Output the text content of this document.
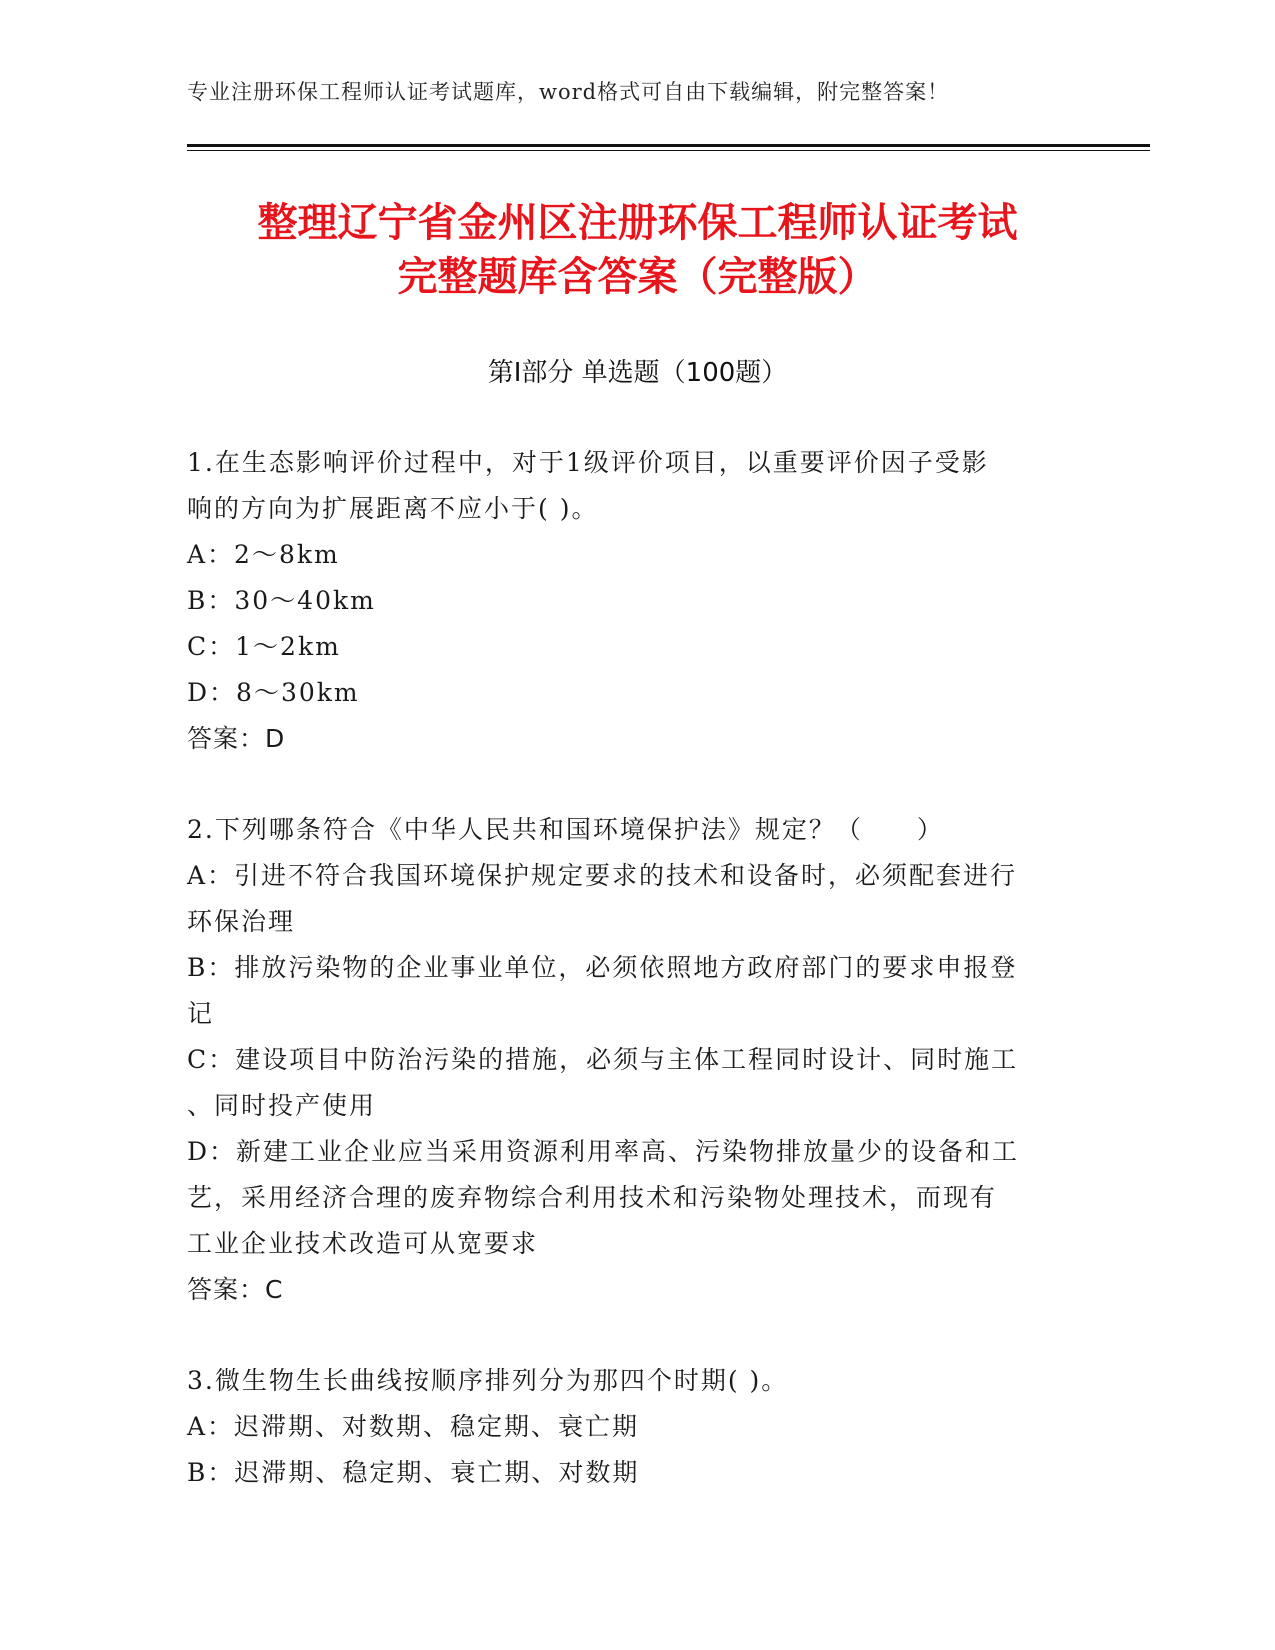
专业注册环保工程师认证考试题库，word格式可自由下载编辑，附完整答案！
整理辽宁省金州区注册环保工程师认证考试
完整题库含答案（完整版）
第Ⅰ部分 单选题（100题）
1.在生态影响评价过程中，对于1级评价项目，以重要评价因子受影
响的方向为扩展距离不应小于( )。
A：2～8km
B：30～40km
C：1～2km
D：8～30km
答案：D
2.下列哪条符合《中华人民共和国环境保护法》规定？（　　）
A：引进不符合我国环境保护规定要求的技术和设备时，必须配套进行
环保治理
B：排放污染物的企业事业单位，必须依照地方政府部门的要求申报登
记
C：建设项目中防治污染的措施，必须与主体工程同时设计、同时施工
、同时投产使用
D：新建工业企业应当采用资源利用率高、污染物排放量少的设备和工
艺，采用经济合理的废弃物综合利用技术和污染物处理技术，而现有
工业企业技术改造可从宽要求
答案：C
3.微生物生长曲线按顺序排列分为那四个时期( )。
A：迟滞期、对数期、稳定期、衰亡期
B：迟滞期、稳定期、衰亡期、对数期
